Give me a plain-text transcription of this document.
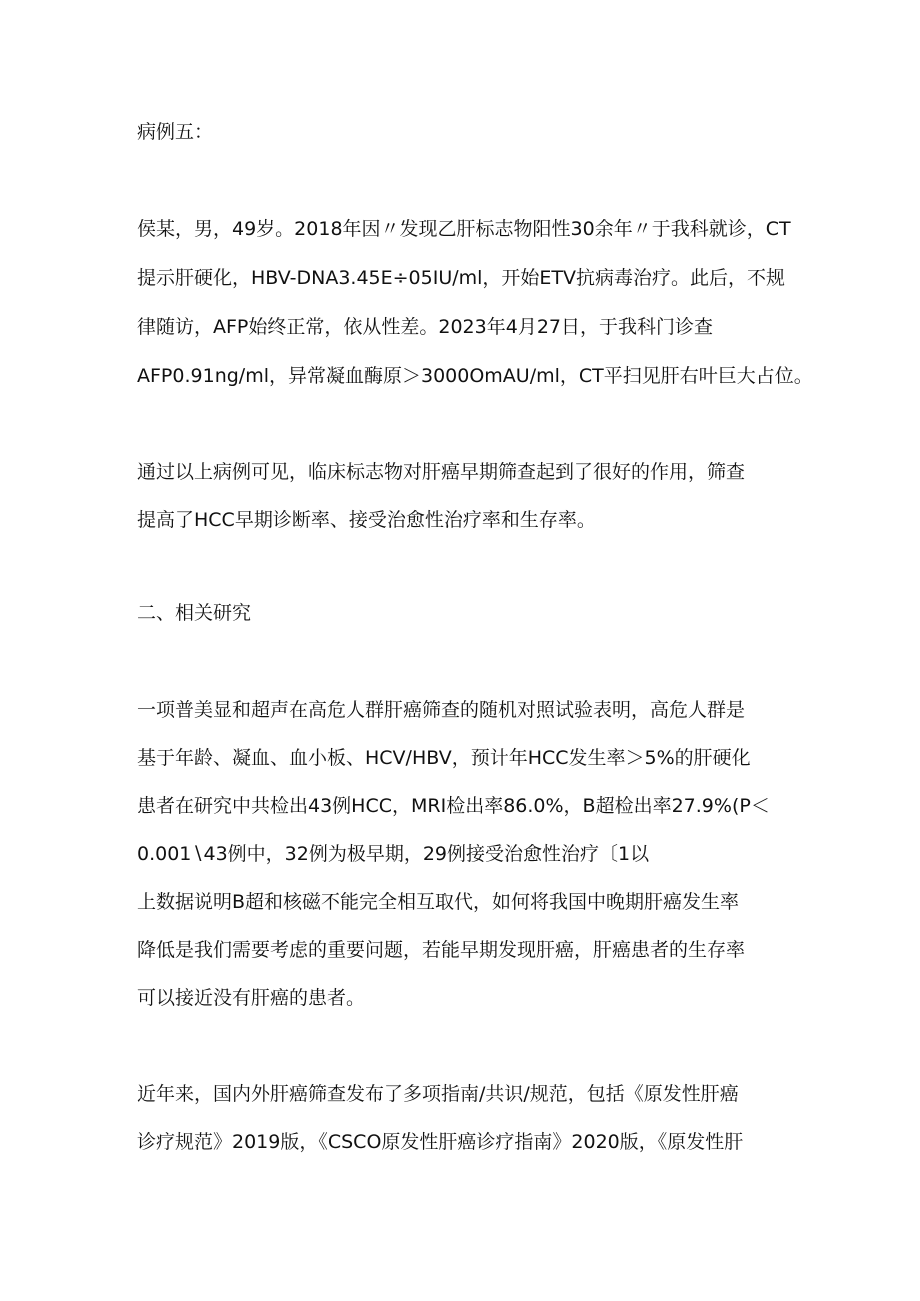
病例五：
侯某，男，49岁。2018年因〃发现乙肝标志物阳性30余年〃于我科就诊，CT
提示肝硬化，HBV-DNA3.45E÷05IU∕ml，开始ETV抗病毒治疗。此后，不规
律随访，AFP始终正常，依从性差。2023年4月27日，于我科门诊查
AFP0.91ng∕ml，异常凝血酶原＞3000OmAU/ml，CT平扫见肝右叶巨大占位。
通过以上病例可见，临床标志物对肝癌早期筛查起到了很好的作用，筛查
提高了HCC早期诊断率、接受治愈性治疗率和生存率。
二、相关研究
一项普美显和超声在高危人群肝癌筛查的随机对照试验表明，高危人群是
基于年龄、凝血、血小板、HCV∕HBV，预计年HCC发生率＞5%的肝硬化
患者在研究中共检出43例HCC，MRI检出率86.0%，B超检出率27.9%(P＜
0.001∖43例中，32例为极早期，29例接受治愈性治疗〔1以
上数据说明B超和核磁不能完全相互取代，如何将我国中晚期肝癌发生率
降低是我们需要考虑的重要问题，若能早期发现肝癌，肝癌患者的生存率
可以接近没有肝癌的患者。
近年来，国内外肝癌筛查发布了多项指南/共识/规范，包括《原发性肝癌
诊疗规范》2019版，《CSCO原发性肝癌诊疗指南》2020版，《原发性肝
